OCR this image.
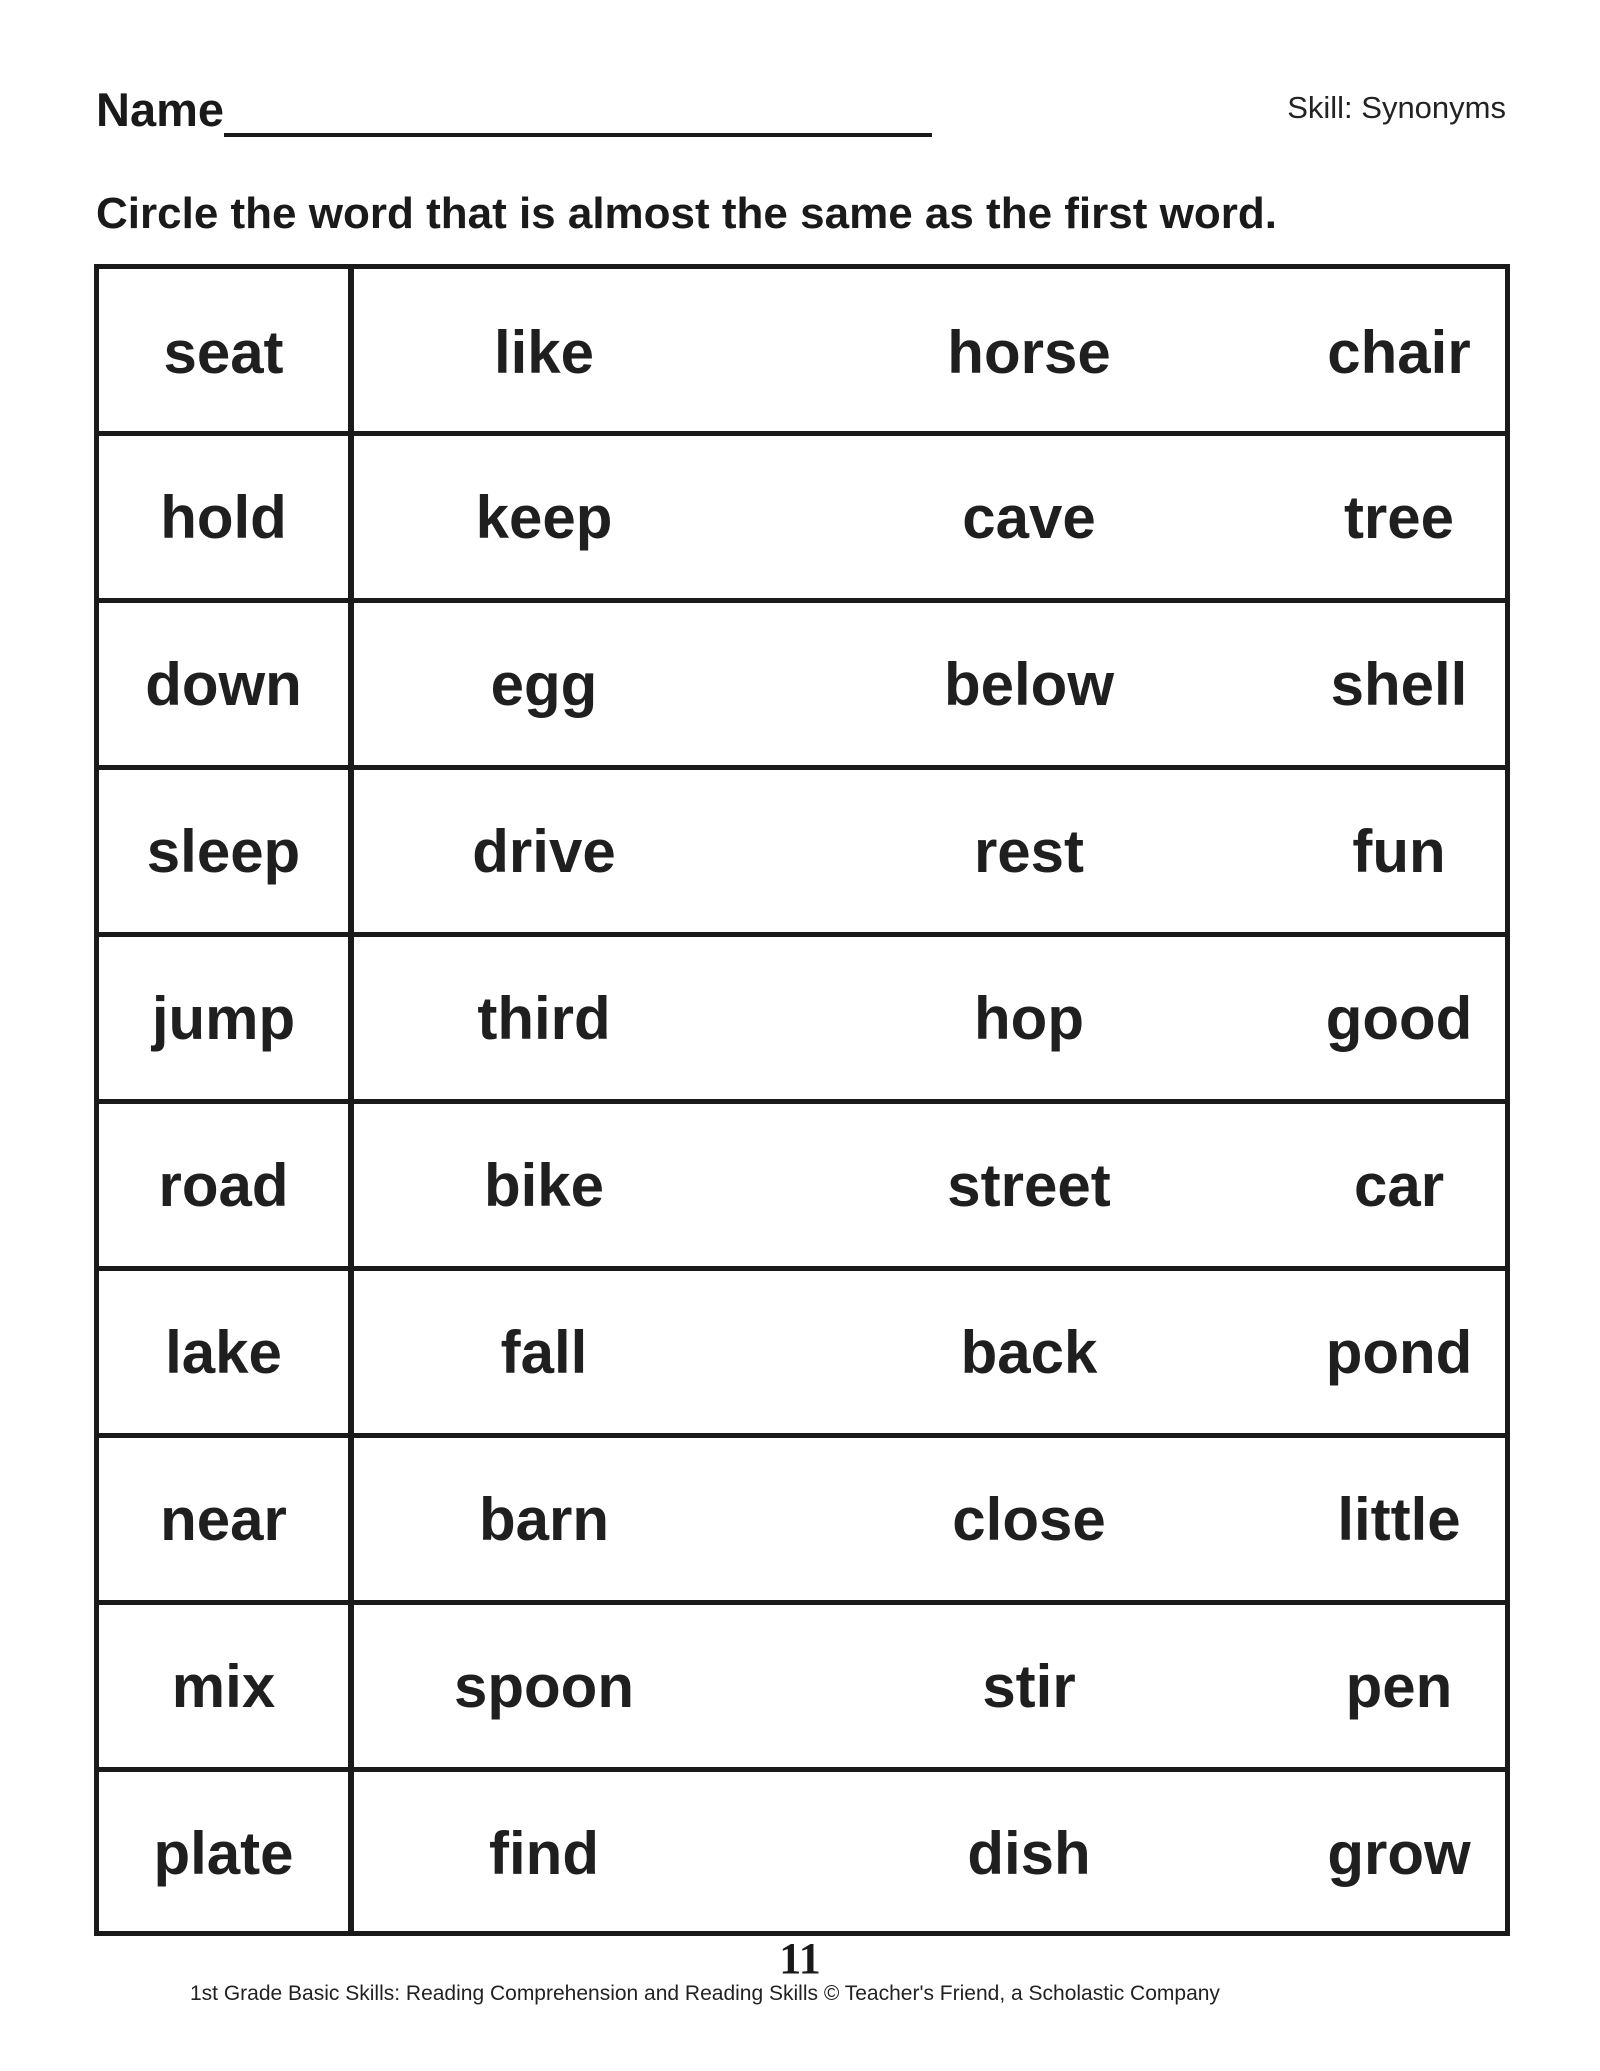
Name	Skill: Synonyms
Circle the word that is almost the same as the first word.
seat	like	horse	chair
hold	keep	cave	tree
down	egg	below	shell
sleep	drive	rest	fun
jump	third	hop	good
road	bike	street	car
lake	fall	back	pond
near	barn	close	little
mix	spoon	stir	pen
plate	find	dish	grow
11
1st Grade Basic Skills: Reading Comprehension and Reading Skills © Teacher's Friend, a Scholastic Company
